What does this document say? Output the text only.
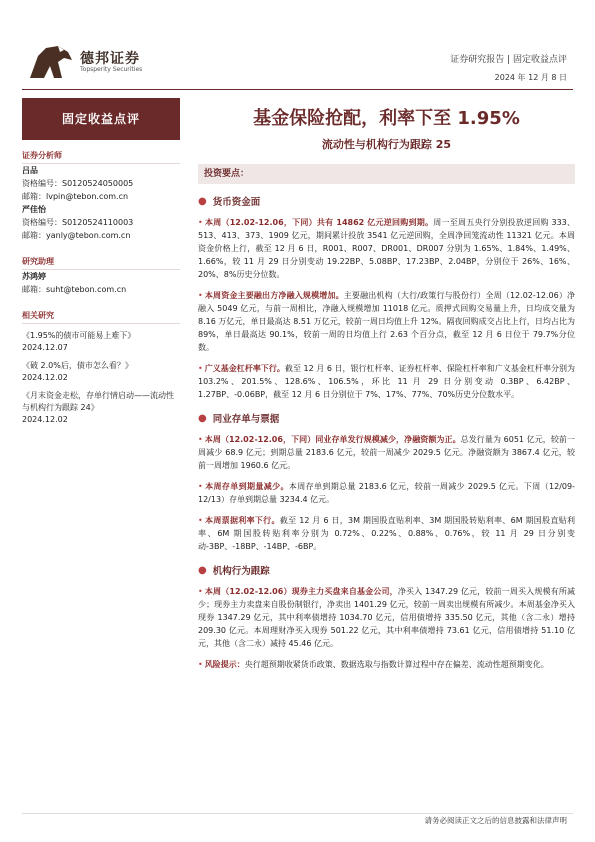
德邦证券
Topsperity Securities
证券研究报告 | 固定收益点评
2024 年 12 月 8 日
固定收益点评
证券分析师
吕品
资格编号：S0120524050005
邮箱：lvpin@tebon.com.cn
严佳怡
资格编号：S0120524110003
邮箱：yanly@tebon.com.cn
研究助理
苏鸿婷
邮箱：suht@tebon.com.cn
相关研究
《1.95%的债市可能易上难下》
2024.12.07
《破 2.0%后，债市怎么看？》
2024.12.02
《月末资金走松，存单行情启动——流动性与机构行为跟踪 24》
2024.12.02
基金保险抢配，利率下至 1.95%
流动性与机构行为跟踪 25
投资要点：
● 货币资金面
• 本周（12.02-12.06，下同）共有 14862 亿元逆回购到期。周一至周五央行分别投放逆回购 333、513、413、373、1909 亿元，期间累计投放 3541 亿元逆回购，全周净回笼流动性 11321 亿元。本周资金价格上行，截至 12 月 6 日，R001、R007、DR001、DR007 分别为 1.65%、1.84%、1.49%、1.66%，较 11 月 29 日分别变动 19.22BP、5.08BP、17.23BP、2.04BP，分别位于 26%、16%、20%、8%历史分位数。
• 本周资金主要融出方净融入规模增加。主要融出机构（大行/政策行与股份行）全周（12.02-12.06）净融入 5049 亿元，与前一周相比，净融入规模增加 11018 亿元。质押式回购交易量上升，日均成交量为 8.16 万亿元，单日最高达 8.51 万亿元，较前一周日均值上升 12%。隔夜回购成交占比上行，日均占比为 89%，单日最高达 90.1%，较前一周的日均值上行 2.63 个百分点，截至 12 月 6 日位于 79.7%分位数。
• 广义基金杠杆率下行。截至 12 月 6 日，银行杠杆率、证券杠杆率、保险杠杆率和广义基金杠杆率分别为 103.2%、201.5%、128.6%、106.5%，环比 11 月 29 日分别变动 0.3BP、6.42BP、1.27BP、-0.06BP，截至 12 月 6 日分别位于 7%、17%、77%、70%历史分位数水平。
● 同业存单与票据
• 本周（12.02-12.06，下同）同业存单发行规模减少，净融资额为正。总发行量为 6051 亿元，较前一周减少 68.9 亿元；到期总量 2183.6 亿元，较前一周减少 2029.5 亿元。净融资额为 3867.4 亿元，较前一周增加 1960.6 亿元。
• 本周存单到期量减少。本周存单到期总量 2183.6 亿元，较前一周减少 2029.5 亿元。下周（12/09-12/13）存单到期总量 3234.4 亿元。
• 本周票据利率下行。截至 12 月 6 日，3M 期国股直贴利率、3M 期国股转贴利率、6M 期国股直贴利率、6M 期国股转贴利率分别为 0.72%、0.22%、0.88%、0.76%，较 11 月 29 日分别变动-3BP、-18BP、-14BP、-6BP。
● 机构行为跟踪
• 本周（12.02-12.06）现券主力买盘来自基金公司，净买入 1347.29 亿元，较前一周买入规模有所减少；现券主力卖盘来自股份制银行，净卖出 1401.29 亿元，较前一周卖出规模有所减少。本周基金净买入现券 1347.29 亿元，其中利率债增持 1034.70 亿元，信用债增持 335.50 亿元，其他（含二永）增持 209.30 亿元。本周理财净买入现券 501.22 亿元，其中利率债增持 73.61 亿元，信用债增持 51.10 亿元，其他（含二永）减持 45.46 亿元。
• 风险提示：央行超预期收紧货币政策、数据选取与指数计算过程中存在偏差、流动性超预期变化。
请务必阅读正文之后的信息披露和法律声明
